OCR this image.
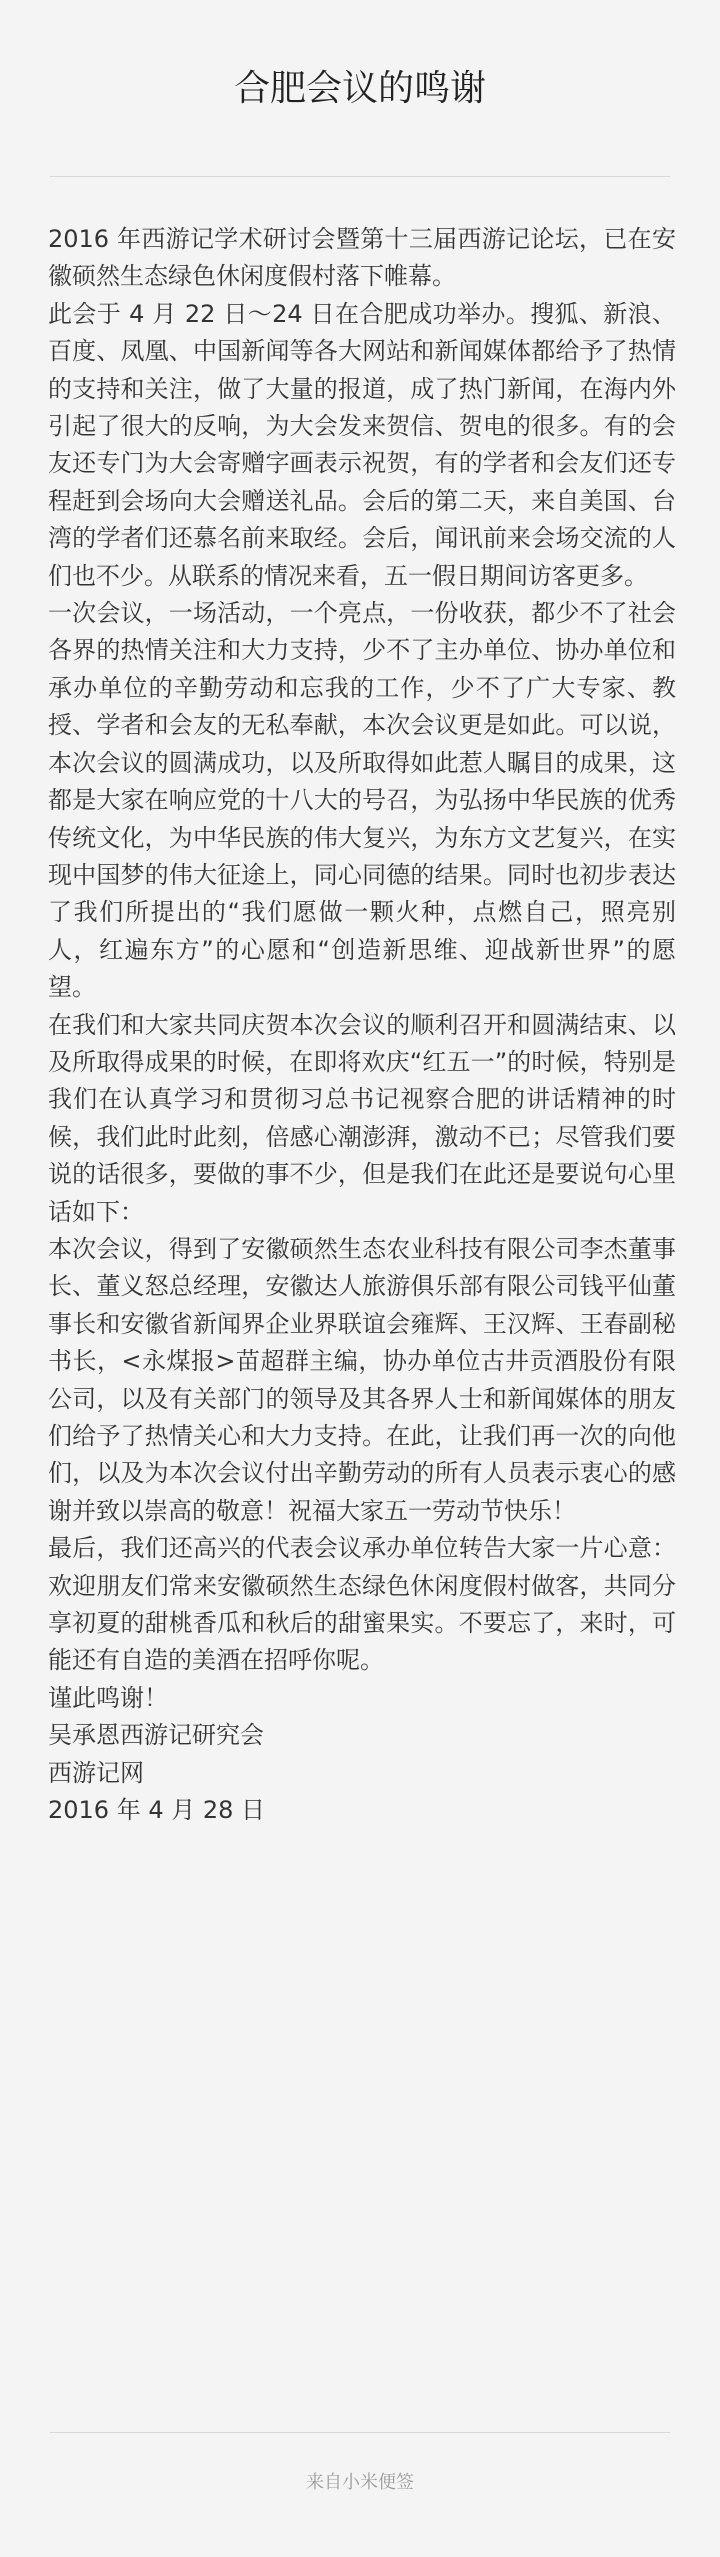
合肥会议的鸣谢

2016 年西游记学术研讨会暨第十三届西游记论坛，已在安徽硕然生态绿色休闲度假村落下帷幕。

此会于 4 月 22 日～24 日在合肥成功举办。搜狐、新浪、百度、凤凰、中国新闻等各大网站和新闻媒体都给予了热情的支持和关注，做了大量的报道，成了热门新闻，在海内外引起了很大的反响，为大会发来贺信、贺电的很多。有的会友还专门为大会寄赠字画表示祝贺，有的学者和会友们还专程赶到会场向大会赠送礼品。会后的第二天，来自美国、台湾的学者们还慕名前来取经。会后，闻讯前来会场交流的人们也不少。从联系的情况来看，五一假日期间访客更多。

一次会议，一场活动，一个亮点，一份收获，都少不了社会各界的热情关注和大力支持，少不了主办单位、协办单位和承办单位的辛勤劳动和忘我的工作，少不了广大专家、教授、学者和会友的无私奉献，本次会议更是如此。可以说，本次会议的圆满成功，以及所取得如此惹人瞩目的成果，这都是大家在响应党的十八大的号召，为弘扬中华民族的优秀传统文化，为中华民族的伟大复兴，为东方文艺复兴，在实现中国梦的伟大征途上，同心同德的结果。同时也初步表达了我们所提出的“我们愿做一颗火种，点燃自己，照亮别人，红遍东方”的心愿和“创造新思维、迎战新世界”的愿望。

在我们和大家共同庆贺本次会议的顺利召开和圆满结束、以及所取得成果的时候，在即将欢庆“红五一”的时候，特别是我们在认真学习和贯彻习总书记视察合肥的讲话精神的时候，我们此时此刻，倍感心潮澎湃，激动不已；尽管我们要说的话很多，要做的事不少，但是我们在此还是要说句心里话如下：

本次会议，得到了安徽硕然生态农业科技有限公司李杰董事长、董义怒总经理，安徽达人旅游俱乐部有限公司钱平仙董事长和安徽省新闻界企业界联谊会雍辉、王汉辉、王春副秘书长，<永煤报>苗超群主编，协办单位古井贡酒股份有限公司，以及有关部门的领导及其各界人士和新闻媒体的朋友们给予了热情关心和大力支持。在此，让我们再一次的向他们，以及为本次会议付出辛勤劳动的所有人员表示衷心的感谢并致以崇高的敬意！祝福大家五一劳动节快乐！

最后，我们还高兴的代表会议承办单位转告大家一片心意：欢迎朋友们常来安徽硕然生态绿色休闲度假村做客，共同分享初夏的甜桃香瓜和秋后的甜蜜果实。不要忘了，来时，可能还有自造的美酒在招呼你呢。

谨此鸣谢！

吴承恩西游记研究会

西游记网

2016 年 4 月 28 日

来自小米便签
